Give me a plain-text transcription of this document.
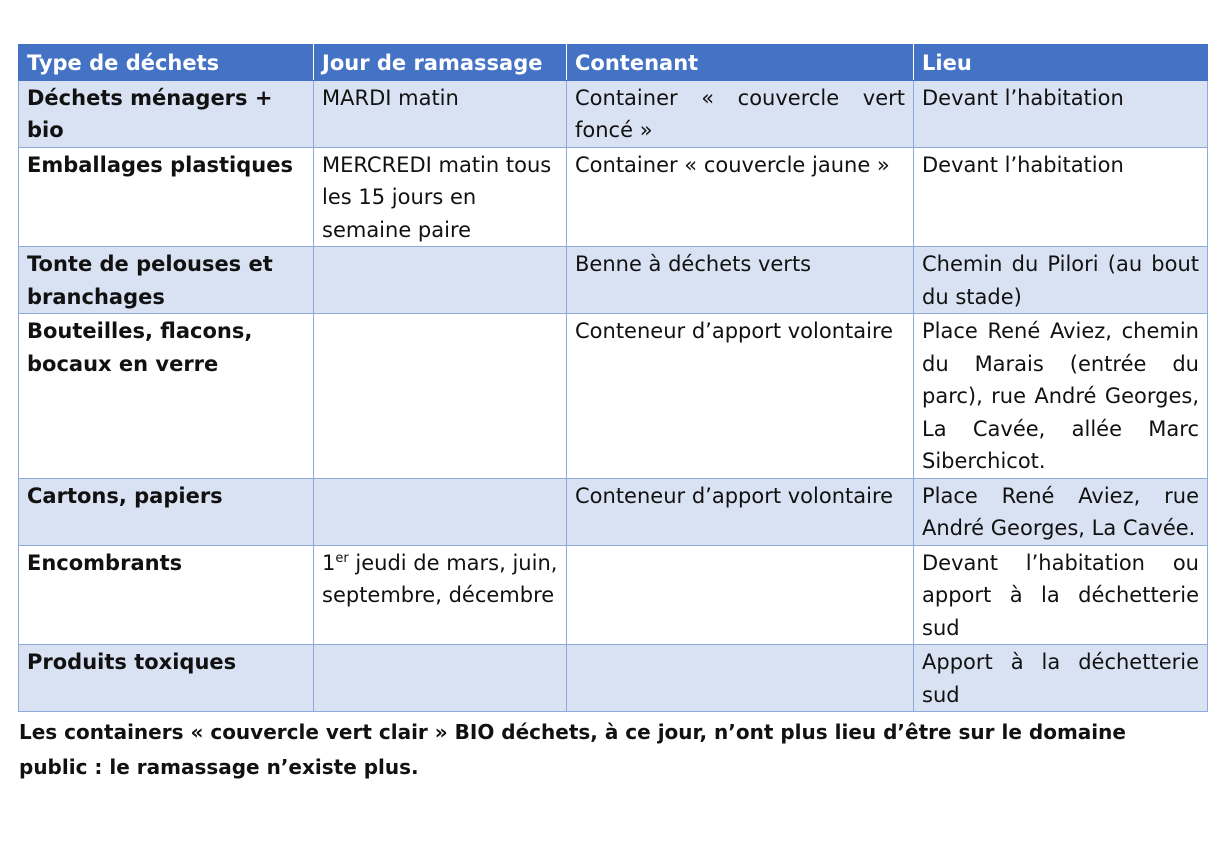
Type de déchets	Jour de ramassage	Contenant	Lieu
Déchets ménagers + bio	MARDI matin	Container « couvercle vert foncé »	Devant l’habitation
Emballages plastiques	MERCREDI matin tous les 15 jours en semaine paire	Container « couvercle jaune »	Devant l’habitation
Tonte de pelouses et branchages		Benne à déchets verts	Chemin du Pilori (au bout du stade)
Bouteilles, flacons, bocaux en verre		Conteneur d’apport volontaire	Place René Aviez, chemin du Marais (entrée du parc), rue André Georges, La Cavée, allée Marc Siberchicot.
Cartons, papiers		Conteneur d’apport volontaire	Place René Aviez, rue André Georges, La Cavée.
Encombrants	1er jeudi de mars, juin, septembre, décembre		Devant l’habitation ou apport à la déchetterie sud
Produits toxiques			Apport à la déchetterie sud
Les containers « couvercle vert clair » BIO déchets, à ce jour, n’ont plus lieu d’être sur le domaine public : le ramassage n’existe plus.
